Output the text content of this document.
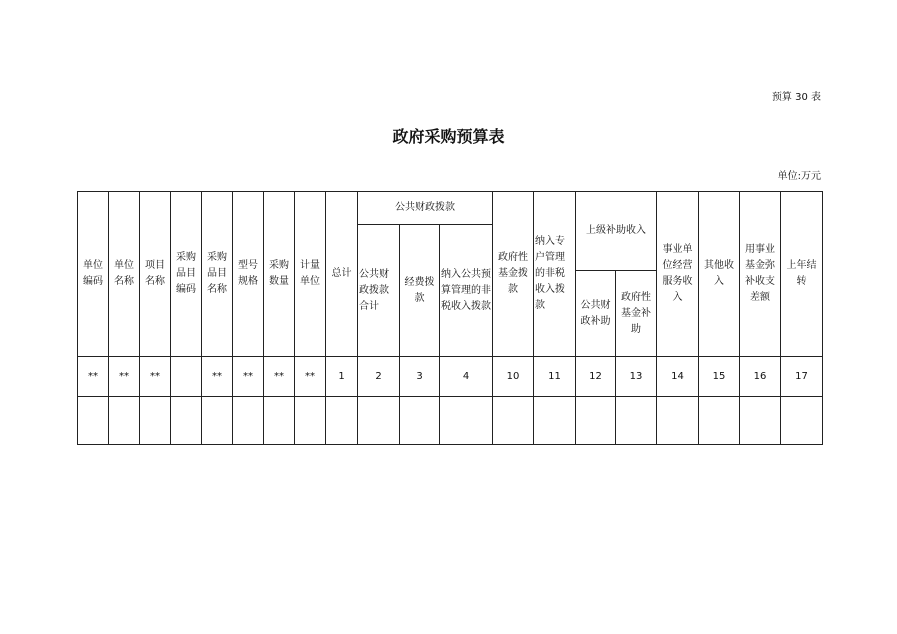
预算 30 表
政府采购预算表
单位:万元
单位编码	单位名称	项目名称	采购品目编码	采购品目名称	型号规格	采购数量	计量单位	总计	公共财政拨款			政府性基金拨款	纳入专户管理的非税收入拨款	上级补助收入		事业单位经营服务收入	其他收入	用事业基金弥补收支差额	上年结转
									公共财政拨款合计	经费拨款	纳入公共预算管理的非税收入拨款								
														公共财政补助	政府性基金补助				
**	**	**		**	**	**	**	1	2	3	4	10	11	12	13	14	15	16	17
